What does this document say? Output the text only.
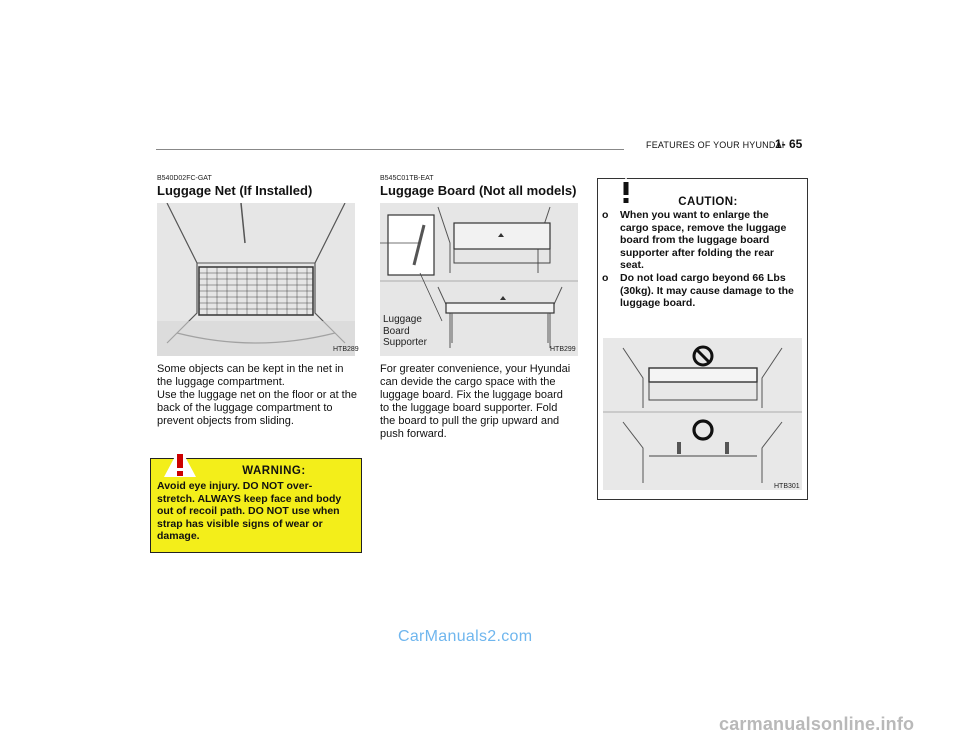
FEATURES OF YOUR HYUNDAI
1- 65
B540D02FC-GAT
Luggage Net (If Installed)
HTB289
Some objects can be kept in the net in
the luggage compartment.
Use the luggage net on the floor or at the
back of the luggage compartment to
prevent objects from sliding.
WARNING:
Avoid eye injury. DO NOT over-
stretch. ALWAYS keep face and body
out of recoil path. DO NOT use when
strap has visible signs of wear or
damage.
B545C01TB-EAT
Luggage Board (Not all models)
Luggage
Board
Supporter
HTB299
For greater convenience, your Hyundai
can devide the cargo space with the
luggage board. Fix the luggage board
to the luggage board supporter. Fold
the board to pull the grip upward and
push forward.
CAUTION:
o When you want to enlarge the
cargo space, remove the luggage
board from the luggage board
supporter after folding the rear
seat.
o Do not load cargo beyond 66 Lbs
(30kg). It may cause damage to the
luggage board.
HTB301
CarManuals2.com
carmanualsonline.info
